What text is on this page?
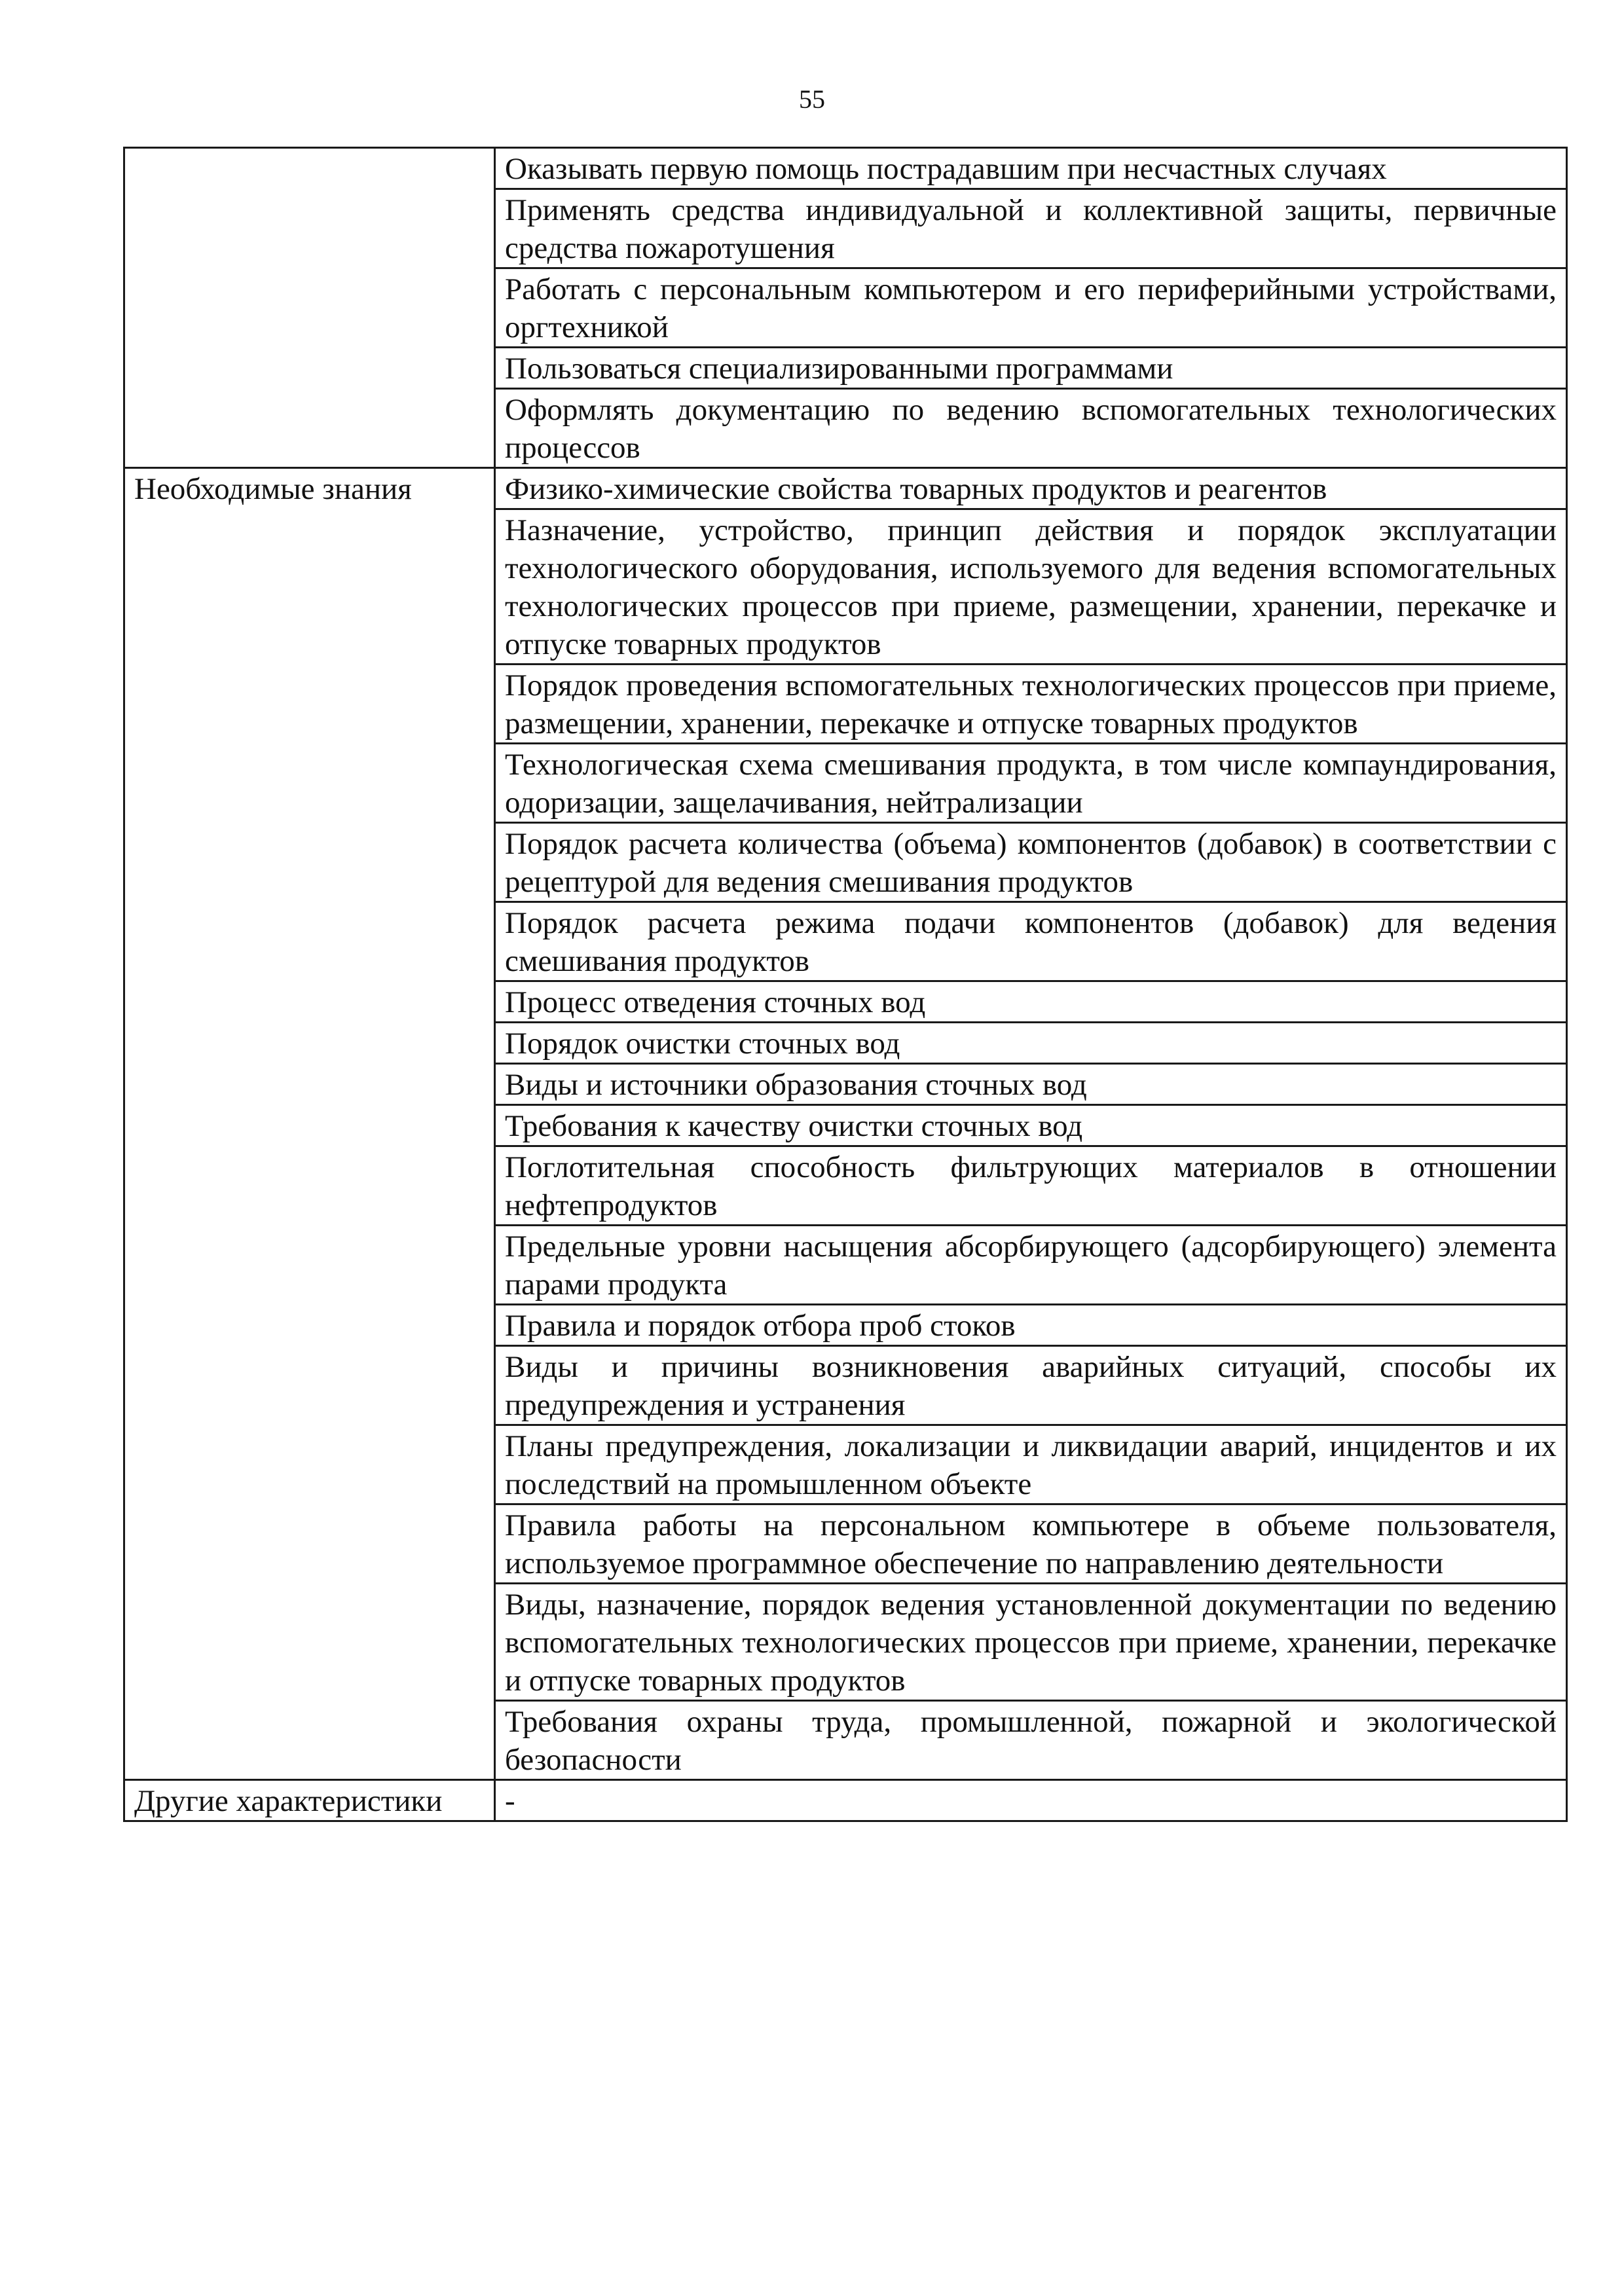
55
	Оказывать первую помощь пострадавшим при несчастных случаях
	Применять средства индивидуальной и коллективной защиты, первичные средства пожаротушения
	Работать с персональным компьютером и его периферийными устройствами, оргтехникой
	Пользоваться специализированными программами
	Оформлять документацию по ведению вспомогательных технологических процессов
Необходимые знания	Физико-химические свойства товарных продуктов и реагентов
	Назначение, устройство, принцип действия и порядок эксплуатации технологического оборудования, используемого для ведения вспомогательных технологических процессов при приеме, размещении, хранении, перекачке и отпуске товарных продуктов
	Порядок проведения вспомогательных технологических процессов при приеме, размещении, хранении, перекачке и отпуске товарных продуктов
	Технологическая схема смешивания продукта, в том числе компаундирования, одоризации, защелачивания, нейтрализации
	Порядок расчета количества (объема) компонентов (добавок) в соответствии с рецептурой для ведения смешивания продуктов
	Порядок расчета режима подачи компонентов (добавок) для ведения смешивания продуктов
	Процесс отведения сточных вод
	Порядок очистки сточных вод
	Виды и источники образования сточных вод
	Требования к качеству очистки сточных вод
	Поглотительная способность фильтрующих материалов в отношении нефтепродуктов
	Предельные уровни насыщения абсорбирующего (адсорбирующего) элемента парами продукта
	Правила и порядок отбора проб стоков
	Виды и причины возникновения аварийных ситуаций, способы их предупреждения и устранения
	Планы предупреждения, локализации и ликвидации аварий, инцидентов и их последствий на промышленном объекте
	Правила работы на персональном компьютере в объеме пользователя, используемое программное обеспечение по направлению деятельности
	Виды, назначение, порядок ведения установленной документации по ведению вспомогательных технологических процессов при приеме, хранении, перекачке и отпуске товарных продуктов
	Требования охраны труда, промышленной, пожарной и экологической безопасности
Другие характеристики	-
